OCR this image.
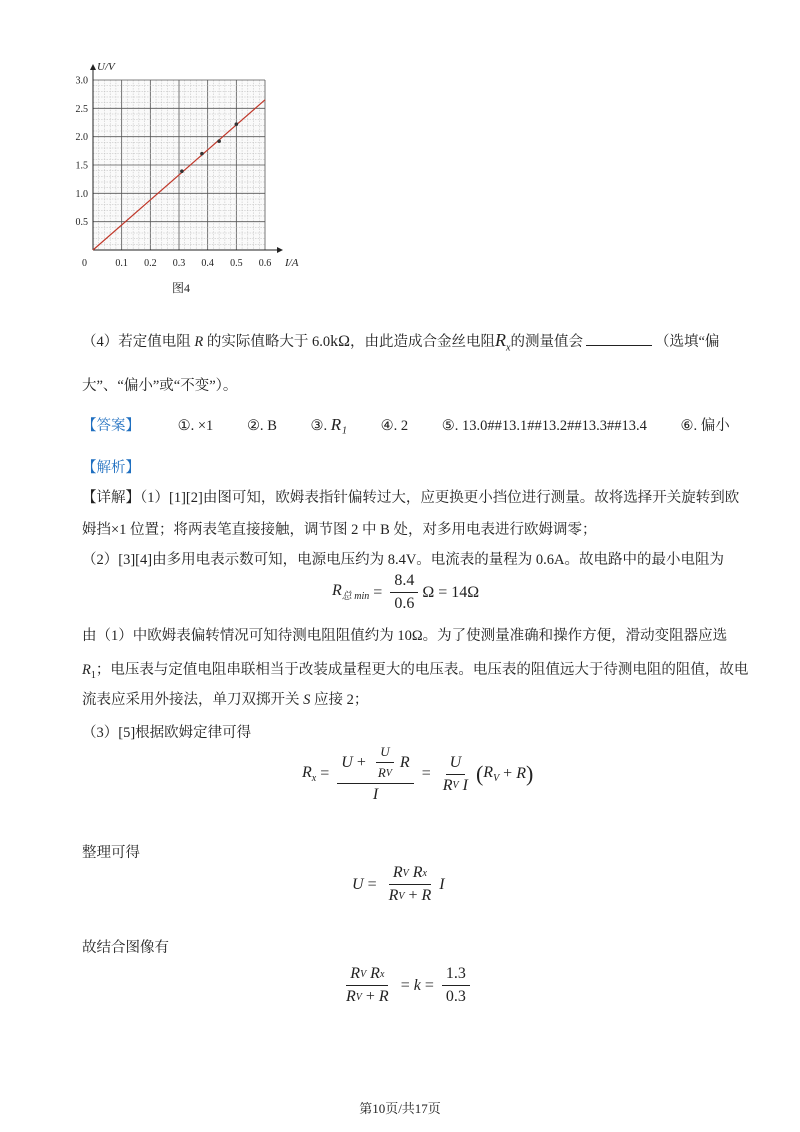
0.1 0.2 0.3 0.4 0.5 0.6
0.5
1.0
1.5
2.0
2.5
3.0
0
U/V
I/A
图4
（4）若定值电阻 R 的实际值略大于 6.0kΩ，由此造成合金丝电阻$R_x$的测量值会	（选填“偏
大”、“偏小”或“不变”）。
【答案】	①. ×1 ②. B ③. R₁ ④. 2 ⑤. 13.0##13.1##13.2##13.3##13.4 ⑥. 偏小
【解析】
【详解】（1）[1][2]由图可知，欧姆表指针偏转过大，应更换更小挡位进行测量。故将选择开关旋转到欧
姆挡×1 位置；将两表笔直接接触，调节图 2 中 B 处，对多用电表进行欧姆调零；
（2）[3][4]由多用电表示数可知，电源电压约为 8.4V。电流表的量程为 0.6A。故电路中的最小电阻为
$R_{总 min} = \frac{8.4}{0.6}$ Ω = 14Ω
由（1）中欧姆表偏转情况可知待测电阻阻值约为 10Ω。为了使测量准确和操作方便，滑动变阻器应选
$R_1$；电压表与定值电阻串联相当于改装成量程更大的电压表。电压表的阻值远大于待测电阻的阻值，故电
流表应采用外接法，单刀双掷开关 S 应接 2；
（3）[5]根据欧姆定律可得
$R_x = \frac{U + \frac{U}{\text{R V}} R}{I} = U$
R V
I ( $R_V + R$ )
整理可得
U = R V
R x
R V + R I
故结合图像有
R V
R x
R $V + R = k = \frac{1.3}{0.3}$
第10页/共17页
